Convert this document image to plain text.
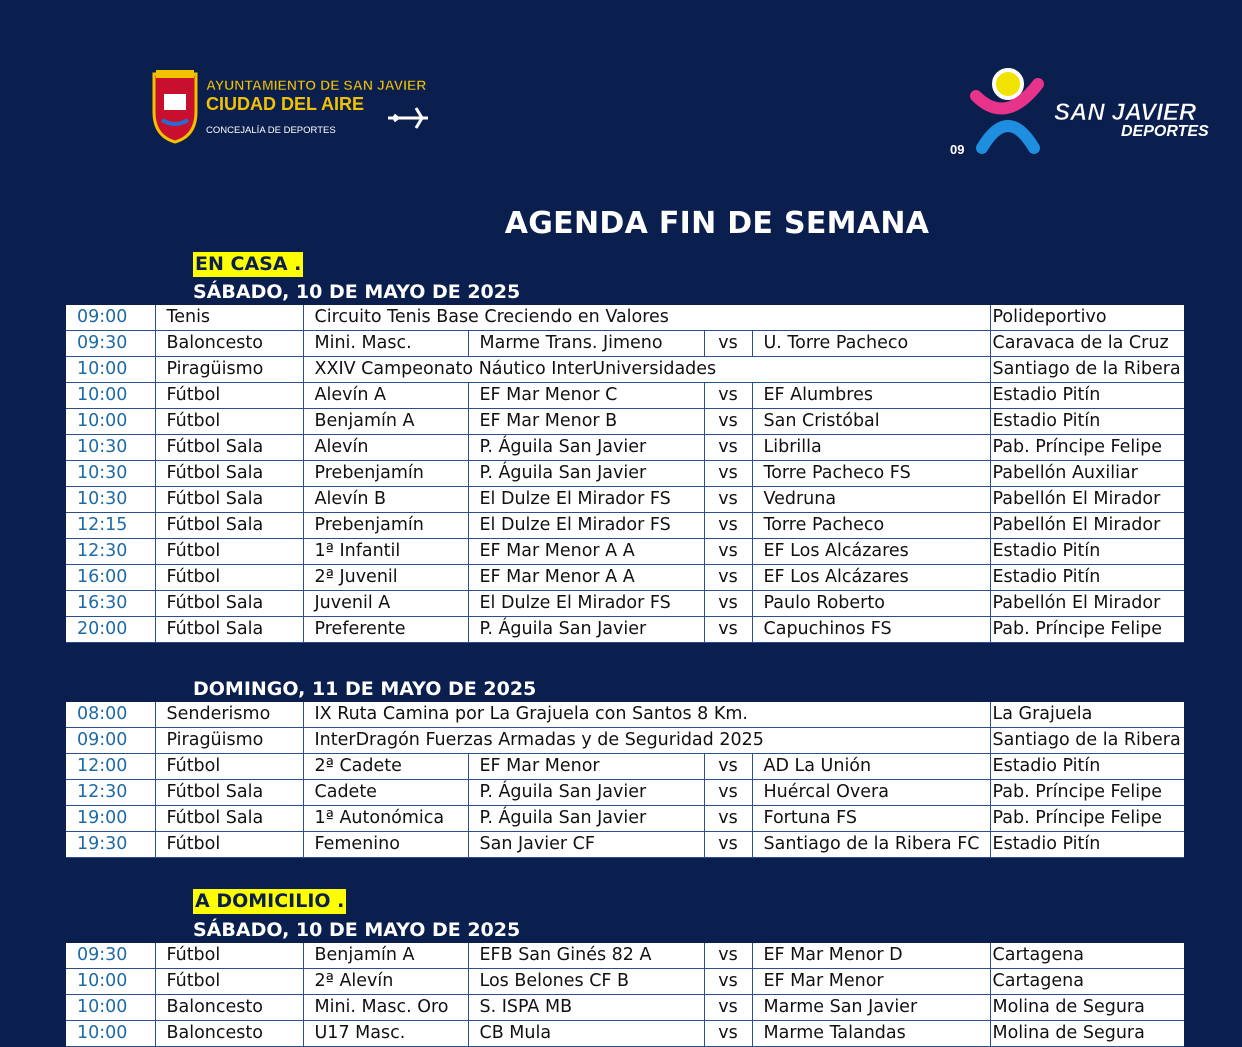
AYUNTAMIENTO DE SAN JAVIER
CIUDAD DEL AIRE
CONCEJALÍA DE DEPORTES
09
SAN JAVIER
DEPORTES
AGENDA FIN DE SEMANA
EN CASA .
SÁBADO, 10 DE MAYO DE 2025
09:00	Tenis	Circuito Tenis Base Creciendo en Valores				Polideportivo
09:30	Baloncesto	Mini. Masc.	Marme Trans. Jimeno	vs	U. Torre Pacheco	Caravaca de la Cruz
10:00	Piragüismo	XXIV Campeonato Náutico InterUniversidades				Santiago de la Ribera
10:00	Fútbol	Alevín A	EF Mar Menor C	vs	EF Alumbres	Estadio Pitín
10:00	Fútbol	Benjamín A	EF Mar Menor B	vs	San Cristóbal	Estadio Pitín
10:30	Fútbol Sala	Alevín	P. Águila San Javier	vs	Librilla	Pab. Príncipe Felipe
10:30	Fútbol Sala	Prebenjamín	P. Águila San Javier	vs	Torre Pacheco FS	Pabellón Auxiliar
10:30	Fútbol Sala	Alevín B	El Dulze El Mirador FS	vs	Vedruna	Pabellón El Mirador
12:15	Fútbol Sala	Prebenjamín	El Dulze El Mirador FS	vs	Torre Pacheco	Pabellón El Mirador
12:30	Fútbol	1ª Infantil	EF Mar Menor A A	vs	EF Los Alcázares	Estadio Pitín
16:00	Fútbol	2ª Juvenil	EF Mar Menor A A	vs	EF Los Alcázares	Estadio Pitín
16:30	Fútbol Sala	Juvenil A	El Dulze El Mirador FS	vs	Paulo Roberto	Pabellón El Mirador
20:00	Fútbol Sala	Preferente	P. Águila San Javier	vs	Capuchinos FS	Pab. Príncipe Felipe
DOMINGO, 11 DE MAYO DE 2025
08:00	Senderismo	IX Ruta Camina por La Grajuela con Santos 8 Km.				La Grajuela
09:00	Piragüismo	InterDragón Fuerzas Armadas y de Seguridad 2025				Santiago de la Ribera
12:00	Fútbol	2ª Cadete	EF Mar Menor	vs	AD La Unión	Estadio Pitín
12:30	Fútbol Sala	Cadete	P. Águila San Javier	vs	Huércal Overa	Pab. Príncipe Felipe
19:00	Fútbol Sala	1ª Autonómica	P. Águila San Javier	vs	Fortuna FS	Pab. Príncipe Felipe
19:30	Fútbol	Femenino	San Javier CF	vs	Santiago de la Ribera FC	Estadio Pitín
A DOMICILIO .
SÁBADO, 10 DE MAYO DE 2025
09:30	Fútbol	Benjamín A	EFB San Ginés 82 A	vs	EF Mar Menor D	Cartagena
10:00	Fútbol	2ª Alevín	Los Belones CF B	vs	EF Mar Menor	Cartagena
10:00	Baloncesto	Mini. Masc. Oro	S. ISPA MB	vs	Marme San Javier	Molina de Segura
10:00	Baloncesto	U17 Masc.	CB Mula	vs	Marme Talandas	Molina de Segura
